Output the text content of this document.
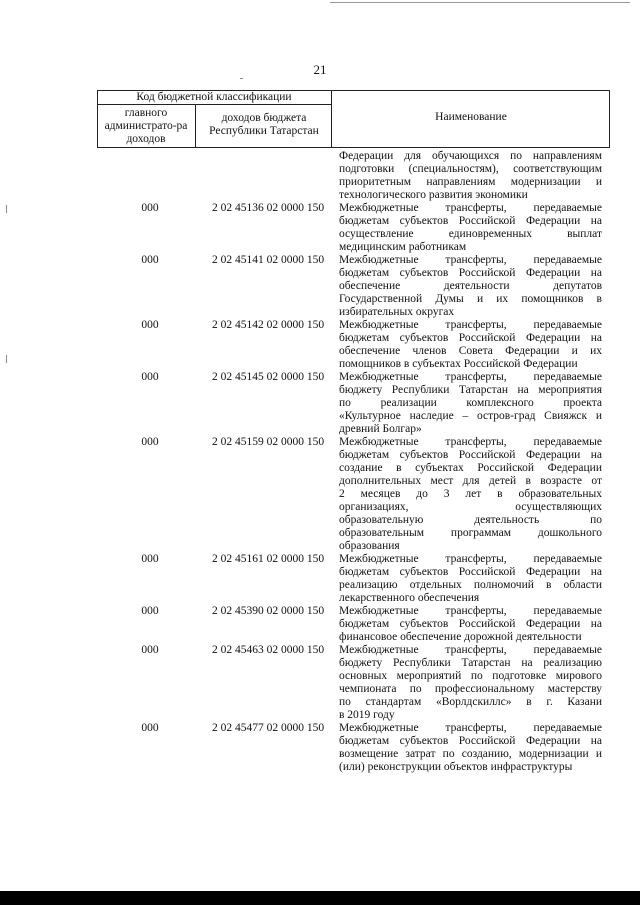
21
Код бюджетной классификации
главного администрато-ра доходов
доходов бюджета Республики Татарстан
Наименование
Федерации для обучающихся по направлениям
подготовки (специальностям), соответствующим
приоритетным направлениям модернизации и
технологического развития экономики
000	2 02 45136 02 0000 150	Межбюджетные трансферты, передаваемые
бюджетам субъектов Российской Федерации на
осуществление единовременных выплат
медицинским работникам
000	2 02 45141 02 0000 150	Межбюджетные трансферты, передаваемые
бюджетам субъектов Российской Федерации на
обеспечение деятельности депутатов
Государственной Думы и их помощников в
избирательных округах
000	2 02 45142 02 0000 150	Межбюджетные трансферты, передаваемые
бюджетам субъектов Российской Федерации на
обеспечение членов Совета Федерации и их
помощников в субъектах Российской Федерации
000	2 02 45145 02 0000 150	Межбюджетные трансферты, передаваемые
бюджету Республики Татарстан на мероприятия
по реализации комплексного проекта
«Культурное наследие – остров-град Свияжск и
древний Болгар»
000	2 02 45159 02 0000 150	Межбюджетные трансферты, передаваемые
бюджетам субъектов Российской Федерации на
создание в субъектах Российской Федерации
дополнительных мест для детей в возрасте от
2 месяцев до 3 лет в образовательных
организациях, осуществляющих
образовательную деятельность по
образовательным программам дошкольного
образования
000	2 02 45161 02 0000 150	Межбюджетные трансферты, передаваемые
бюджетам субъектов Российской Федерации на
реализацию отдельных полномочий в области
лекарственного обеспечения
000	2 02 45390 02 0000 150	Межбюджетные трансферты, передаваемые
бюджетам субъектов Российской Федерации на
финансовое обеспечение дорожной деятельности
000	2 02 45463 02 0000 150	Межбюджетные трансферты, передаваемые
бюджету Республики Татарстан на реализацию
основных мероприятий по подготовке мирового
чемпионата по профессиональному мастерству
по стандартам «Ворлдскиллс» в г. Казани
в 2019 году
000	2 02 45477 02 0000 150	Межбюджетные трансферты, передаваемые
бюджетам субъектов Российской Федерации на
возмещение затрат по созданию, модернизации и
(или) реконструкции объектов инфраструктуры
